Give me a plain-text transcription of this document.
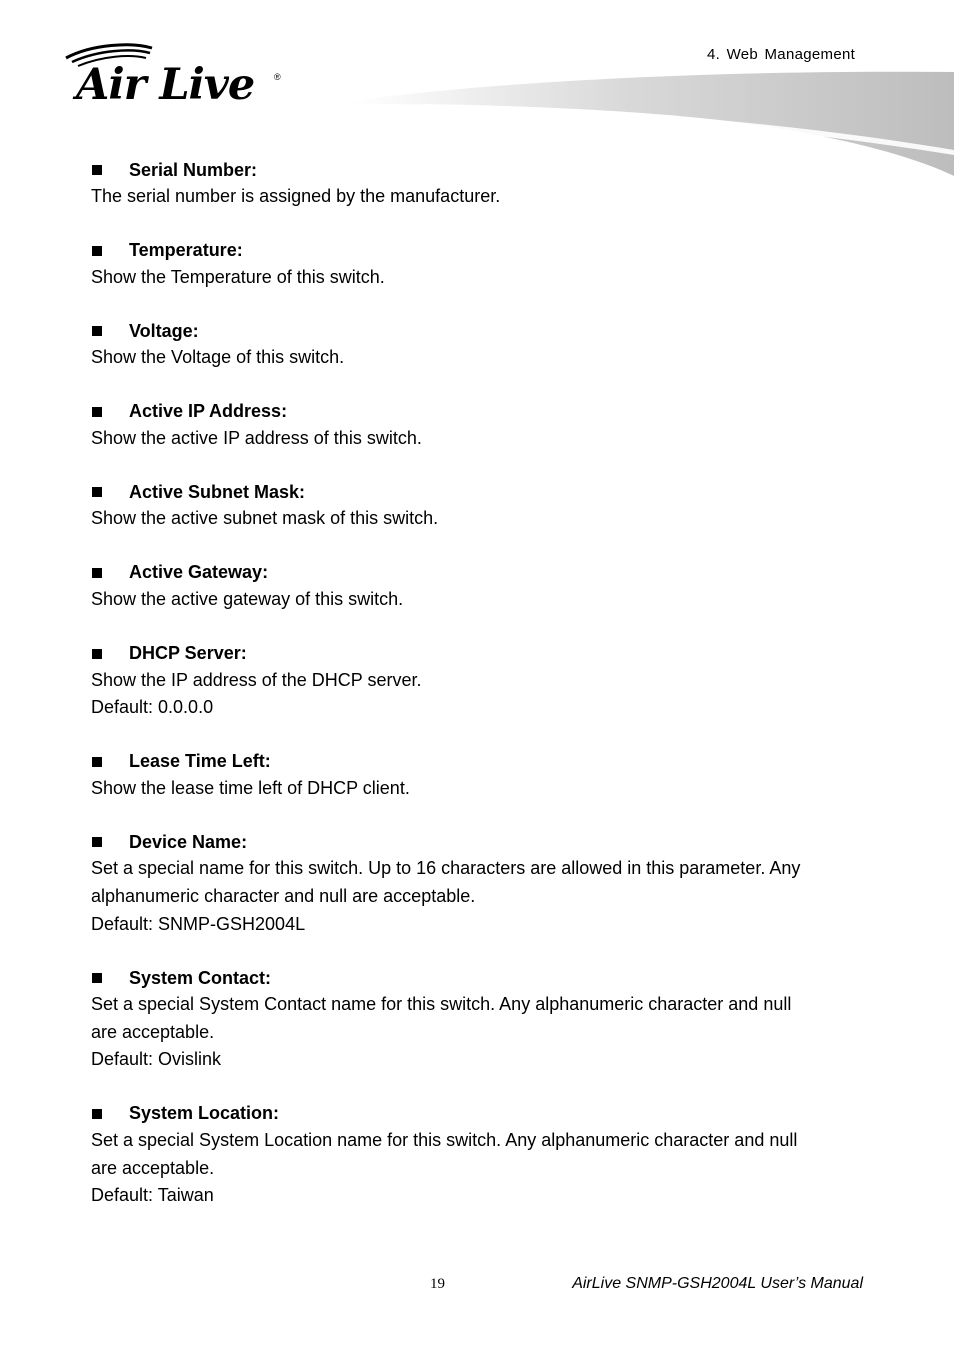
4. Web Management
Air Live ®
Serial Number:
The serial number is assigned by the manufacturer.
Temperature:
Show the Temperature of this switch.
Voltage:
Show the Voltage of this switch.
Active IP Address:
Show the active IP address of this switch.
Active Subnet Mask:
Show the active subnet mask of this switch.
Active Gateway:
Show the active gateway of this switch.
DHCP Server:
Show the IP address of the DHCP server.
Default: 0.0.0.0
Lease Time Left:
Show the lease time left of DHCP client.
Device Name:
Set a special name for this switch. Up to 16 characters are allowed in this parameter. Any
alphanumeric character and null are acceptable.
Default: SNMP-GSH2004L
System Contact:
Set a special System Contact name for this switch. Any alphanumeric character and null
are acceptable.
Default: Ovislink
System Location:
Set a special System Location name for this switch. Any alphanumeric character and null
are acceptable.
Default: Taiwan
19	AirLive SNMP-GSH2004L User’s Manual
